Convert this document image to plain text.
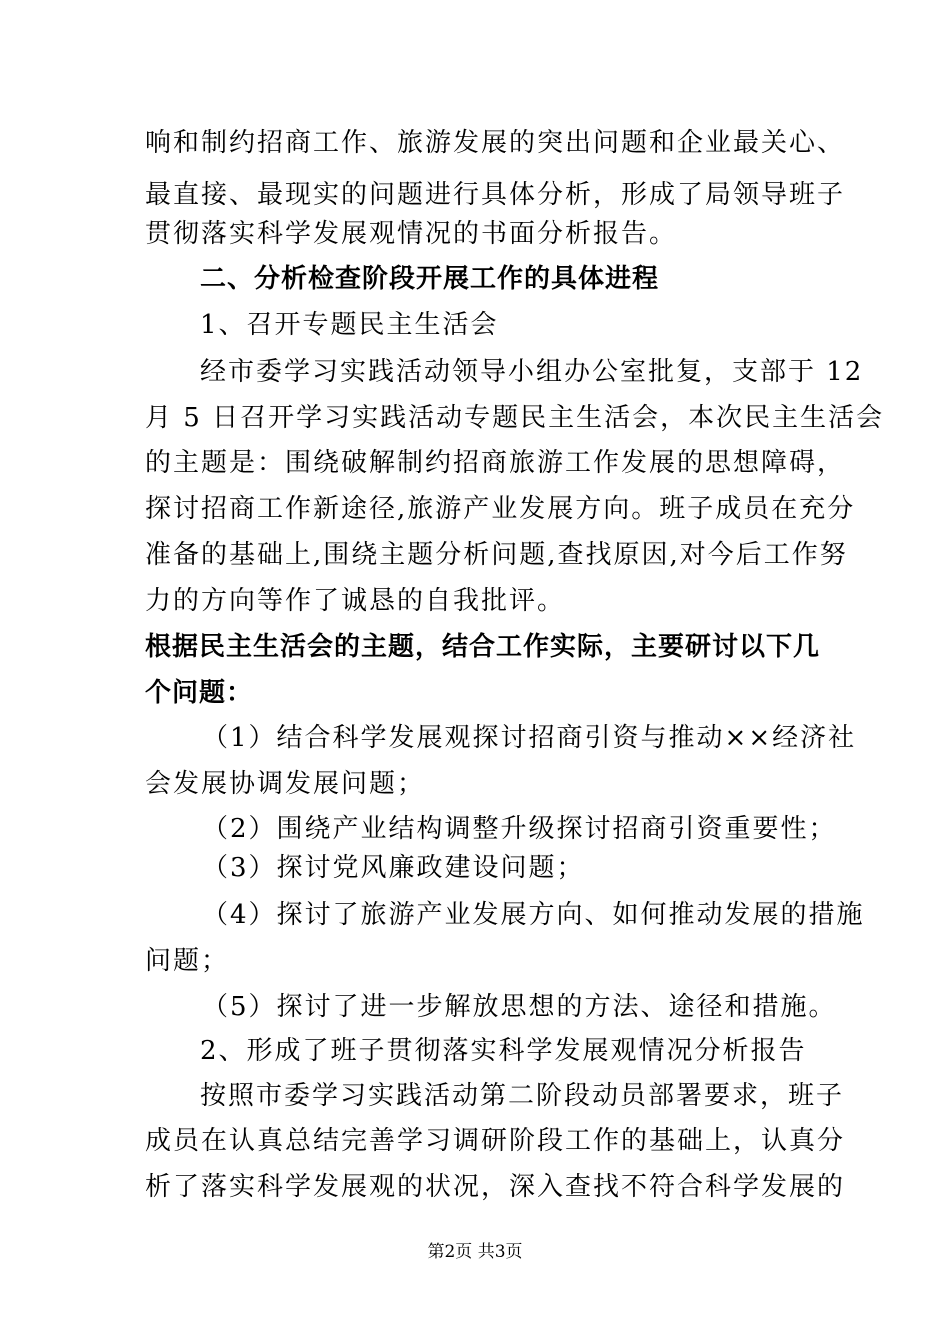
响和制约招商工作、旅游发展的突出问题和企业最关心、
最直接、最现实的问题进行具体分析，形成了局领导班子
贯彻落实科学发展观情况的书面分析报告。
二、分析检查阶段开展工作的具体进程
1、召开专题民主生活会
经市委学习实践活动领导小组办公室批复，支部于 12
月 5 日召开学习实践活动专题民主生活会，本次民主生活会
的主题是：围绕破解制约招商旅游工作发展的思想障碍，
探讨招商工作新途径,旅游产业发展方向。班子成员在充分
准备的基础上,围绕主题分析问题,查找原因,对今后工作努
力的方向等作了诚恳的自我批评。
根据民主生活会的主题，结合工作实际，主要研讨以下几
个问题：
（1）结合科学发展观探讨招商引资与推动××经济社
会发展协调发展问题；
（2）围绕产业结构调整升级探讨招商引资重要性；
（3）探讨党风廉政建设问题；
（4）探讨了旅游产业发展方向、如何推动发展的措施
问题；
（5）探讨了进一步解放思想的方法、途径和措施。
2、形成了班子贯彻落实科学发展观情况分析报告
按照市委学习实践活动第二阶段动员部署要求，班子
成员在认真总结完善学习调研阶段工作的基础上，认真分
析了落实科学发展观的状况，深入查找不符合科学发展的
第2页 共3页
